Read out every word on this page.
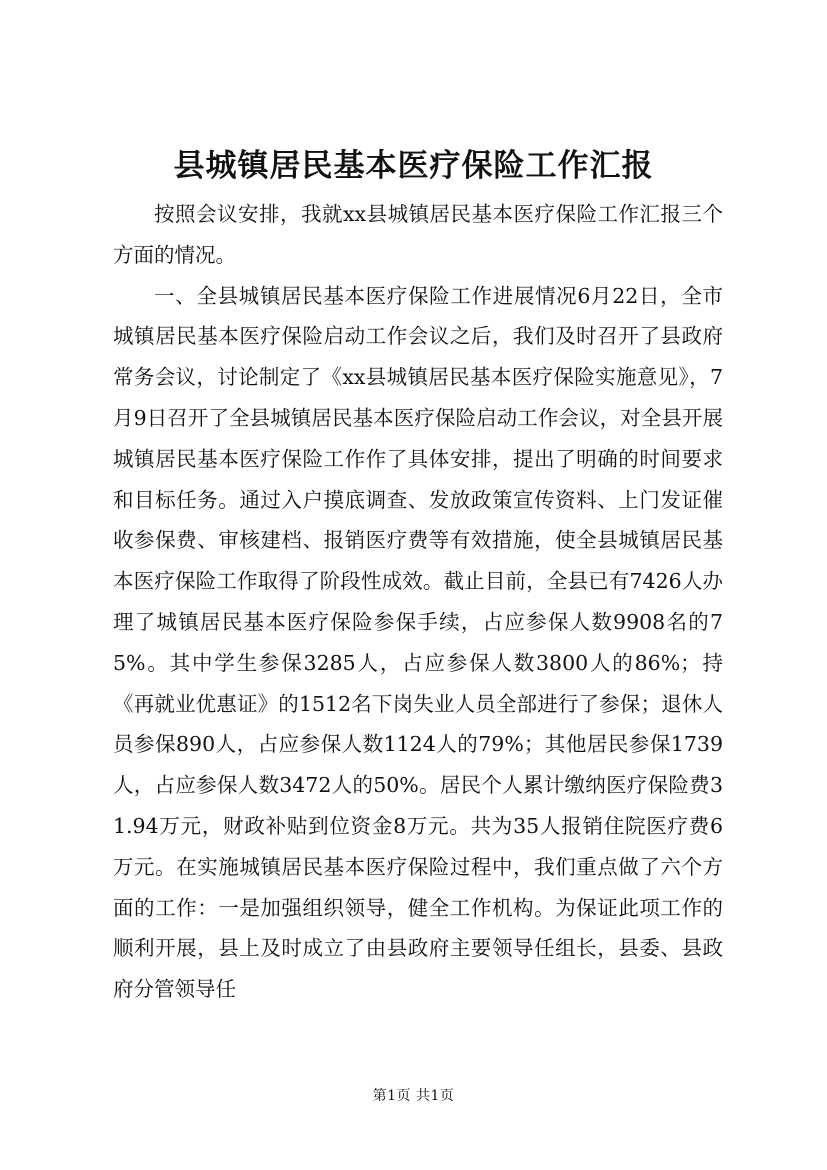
县城镇居民基本医疗保险工作汇报

按照会议安排，我就xx县城镇居民基本医疗保险工作汇报三个方面的情况。

一、全县城镇居民基本医疗保险工作进展情况6月22日，全市城镇居民基本医疗保险启动工作会议之后，我们及时召开了县政府常务会议，讨论制定了《xx县城镇居民基本医疗保险实施意见》，7月9日召开了全县城镇居民基本医疗保险启动工作会议，对全县开展城镇居民基本医疗保险工作作了具体安排，提出了明确的时间要求和目标任务。通过入户摸底调查、发放政策宣传资料、上门发证催收参保费、审核建档、报销医疗费等有效措施，使全县城镇居民基本医疗保险工作取得了阶段性成效。截止目前，全县已有7426人办理了城镇居民基本医疗保险参保手续，占应参保人数9908名的75%。其中学生参保3285人，占应参保人数3800人的86%；持《再就业优惠证》的1512名下岗失业人员全部进行了参保；退休人员参保890人，占应参保人数1124人的79%；其他居民参保1739人，占应参保人数3472人的50%。居民个人累计缴纳医疗保险费31.94万元，财政补贴到位资金8万元。共为35人报销住院医疗费6万元。在实施城镇居民基本医疗保险过程中，我们重点做了六个方面的工作：一是加强组织领导，健全工作机构。为保证此项工作的顺利开展，县上及时成立了由县政府主要领导任组长，县委、县政府分管领导任

第1页 共1页
